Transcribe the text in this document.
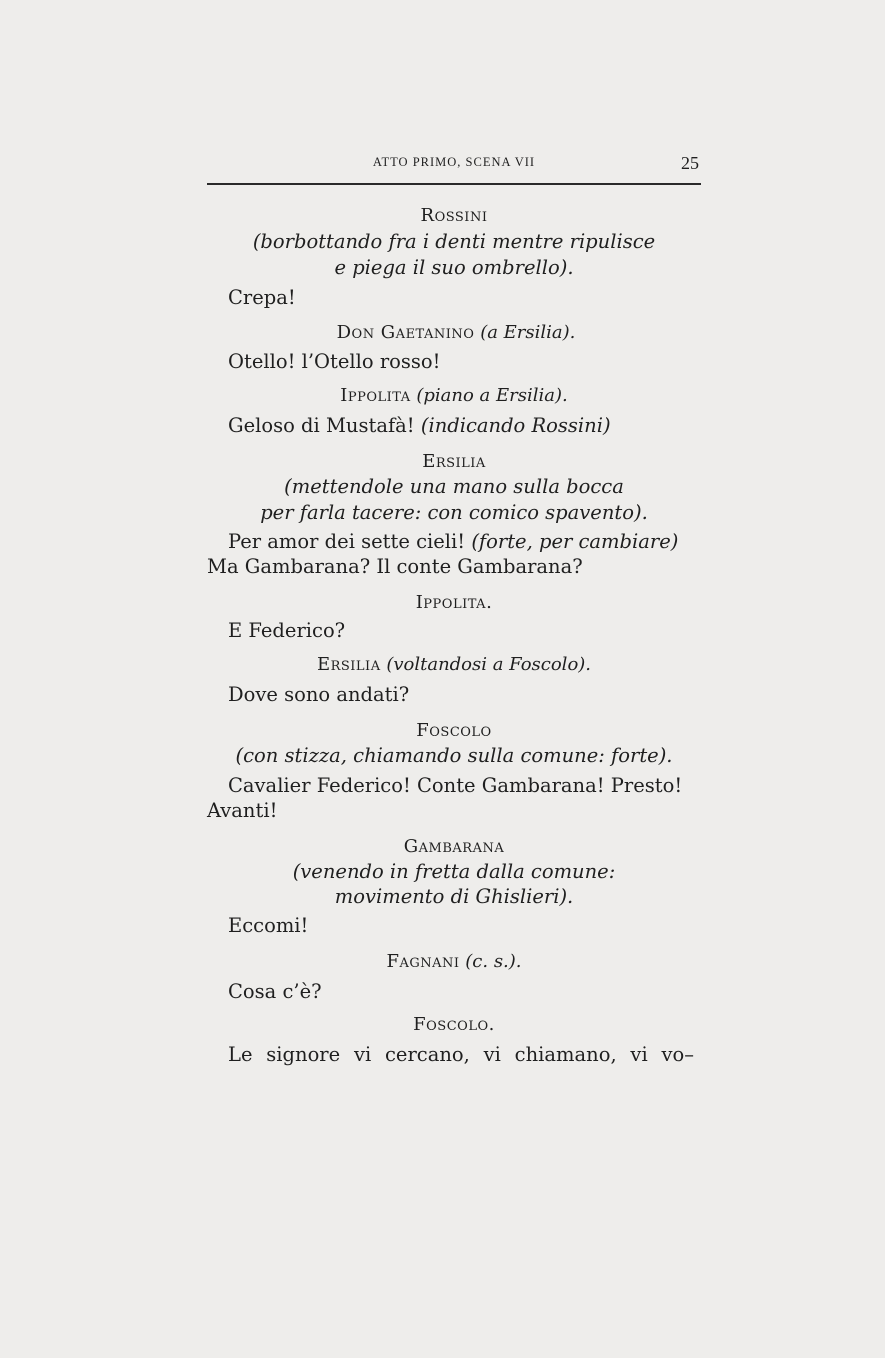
ATTO PRIMO, SCENA VII	25
Rossini
(borbottando fra i denti mentre ripulisce
e piega il suo ombrello).
Crepa!
Don Gaetanino (a Ersilia).
Otello! l’Otello rosso!
Ippolita (piano a Ersilia).
Geloso di Mustafà! (indicando Rossini)
Ersilia
(mettendole una mano sulla bocca
per farla tacere: con comico spavento).
Per amor dei sette cieli! (forte, per cambiare)
Ma Gambarana? Il conte Gambarana?
Ippolita.
E Federico?
Ersilia (voltandosi a Foscolo).
Dove sono andati?
Foscolo
(con stizza, chiamando sulla comune: forte).
Cavalier Federico! Conte Gambarana! Presto!
Avanti!
Gambarana
(venendo in fretta dalla comune:
movimento di Ghislieri).
Eccomi!
Fagnani (c. s.).
Cosa c’è?
Foscolo.
Le signore vi cercano, vi chiamano, vi vo–
